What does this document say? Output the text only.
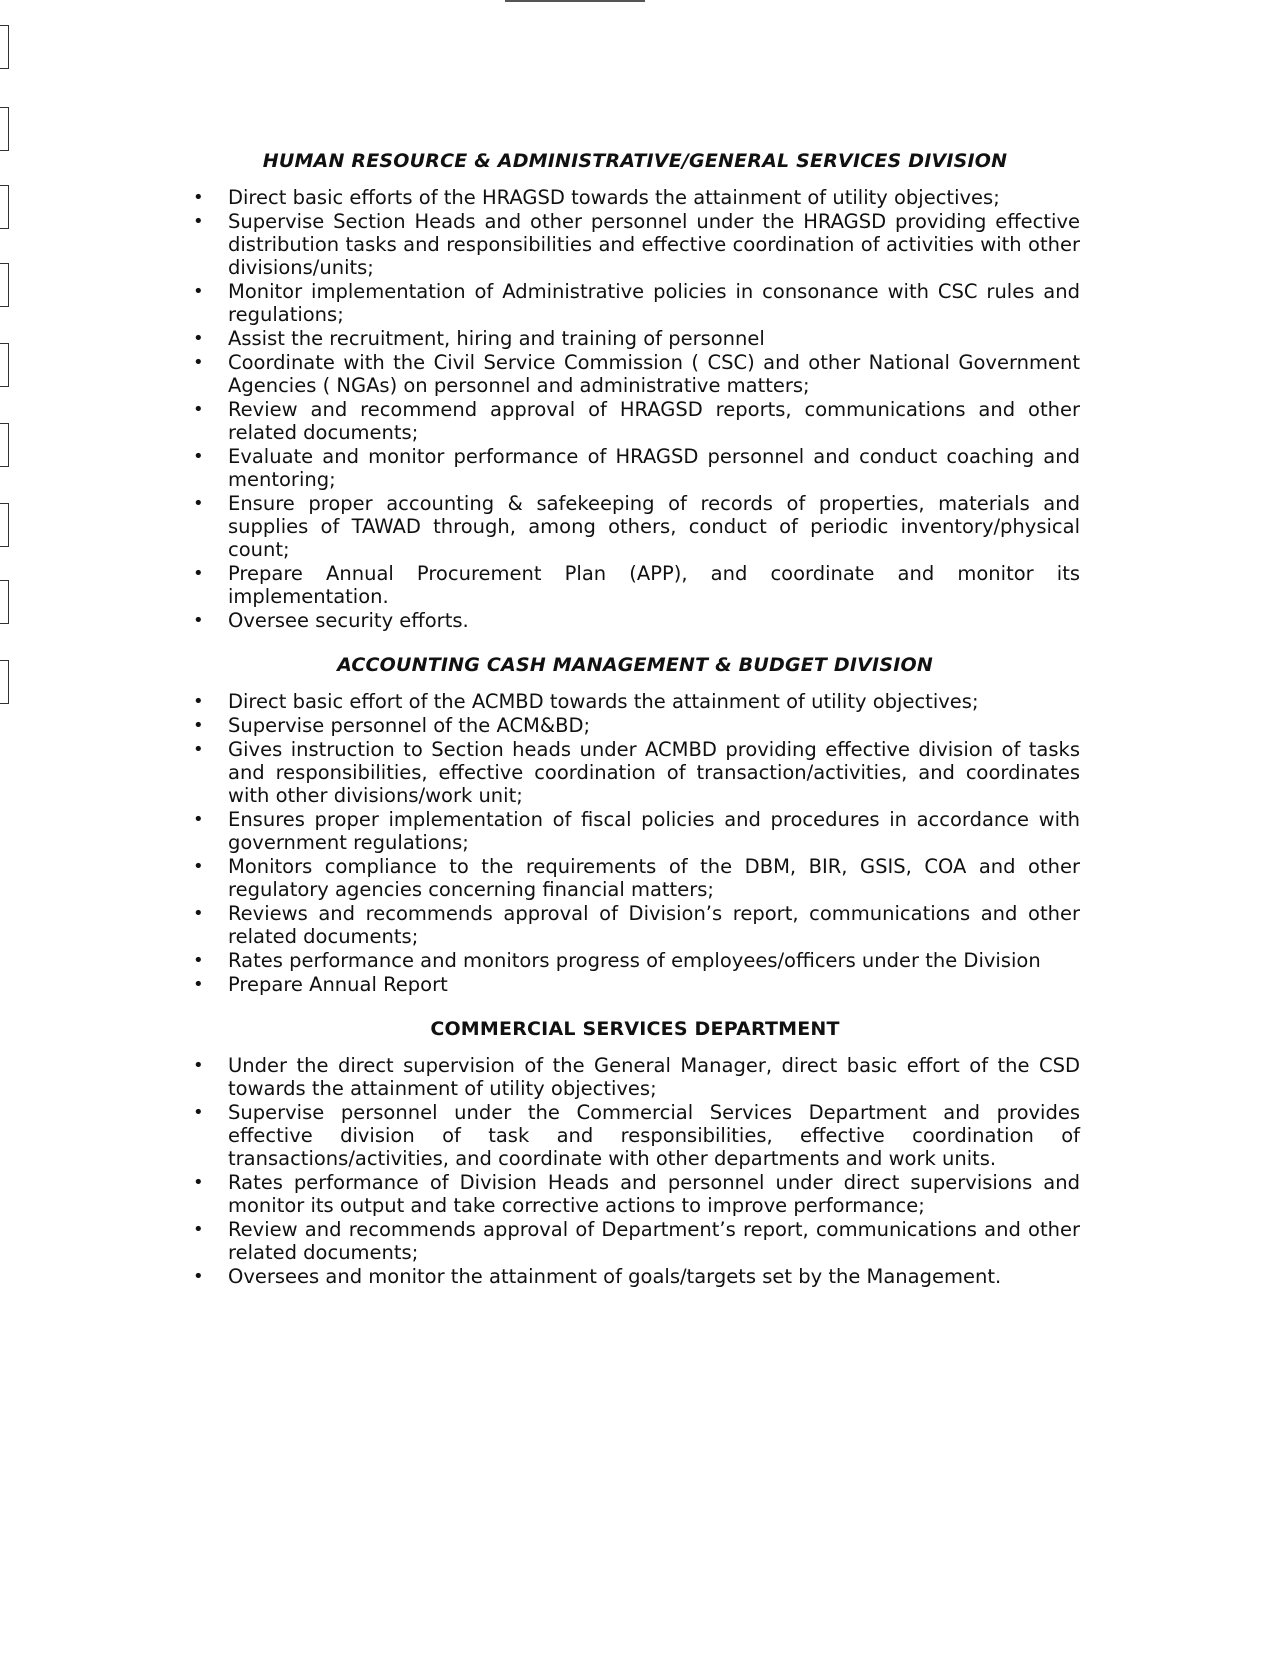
HUMAN RESOURCE & ADMINISTRATIVE/GENERAL SERVICES DIVISION
• Direct basic efforts of the HRAGSD towards the attainment of utility objectives;
• Supervise Section Heads and other personnel under the HRAGSD providing effective distribution tasks and responsibilities and effective coordination of activities with other divisions/units;
• Monitor implementation of Administrative policies in consonance with CSC rules and regulations;
• Assist the recruitment, hiring and training of personnel
• Coordinate with the Civil Service Commission ( CSC) and other National Government Agencies ( NGAs) on personnel and administrative matters;
• Review and recommend approval of HRAGSD reports, communications and other related documents;
• Evaluate and monitor performance of HRAGSD personnel and conduct coaching and mentoring;
• Ensure proper accounting & safekeeping of records of properties, materials and supplies of TAWAD through, among others, conduct of periodic inventory/physical count;
• Prepare Annual Procurement Plan (APP), and coordinate and monitor its implementation.
• Oversee security efforts.
ACCOUNTING CASH MANAGEMENT & BUDGET DIVISION
• Direct basic effort of the ACMBD towards the attainment of utility objectives;
• Supervise personnel of the ACM&BD;
• Gives instruction to Section heads under ACMBD providing effective division of tasks and responsibilities, effective coordination of transaction/activities, and coordinates with other divisions/work unit;
• Ensures proper implementation of fiscal policies and procedures in accordance with government regulations;
• Monitors compliance to the requirements of the DBM, BIR, GSIS, COA and other regulatory agencies concerning financial matters;
• Reviews and recommends approval of Division’s report, communications and other related documents;
• Rates performance and monitors progress of employees/officers under the Division
• Prepare Annual Report
COMMERCIAL SERVICES DEPARTMENT
• Under the direct supervision of the General Manager, direct basic effort of the CSD towards the attainment of utility objectives;
• Supervise personnel under the Commercial Services Department and provides effective division of task and responsibilities, effective coordination of transactions/activities, and coordinate with other departments and work units.
• Rates performance of Division Heads and personnel under direct supervisions and monitor its output and take corrective actions to improve performance;
• Review and recommends approval of Department’s report, communications and other related documents;
• Oversees and monitor the attainment of goals/targets set by the Management.
